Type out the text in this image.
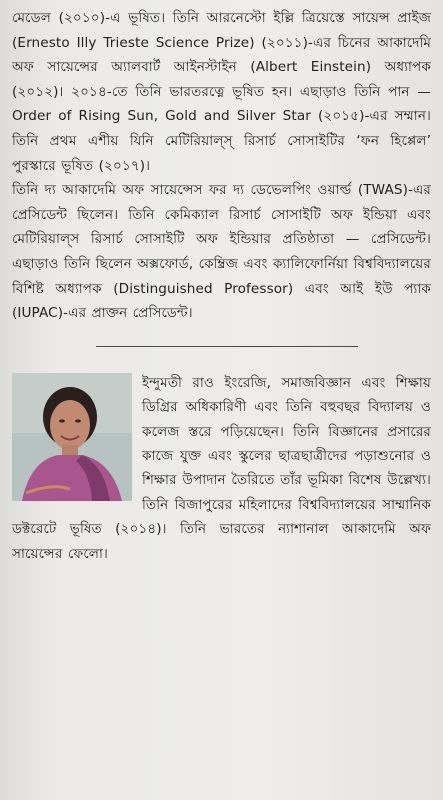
মেডেল (২০১০)-এ ভূষিত। তিনি আরনেস্টো ইল্লি ত্রিয়েস্তে সায়েন্স প্রাইজ (Ernesto Illy Trieste Science Prize) (২০১১)-এর চিনের আকাদেমি অফ সায়েন্সের অ্যালবার্ট আইনস্টাইন (Albert Einstein) অধ্যাপক (২০১২)। ২০১৪-তে তিনি ভারতরত্নে ভূষিত হন। এছাড়াও তিনি পান — Order of Rising Sun, Gold and Silver Star (২০১৫)-এর সম্মান। তিনি প্রথম এশীয় যিনি মেটিরিয়াল্স্ রিসার্চ সোসাইটির ‘ফন হিপ্পেল’ পুরস্কারে ভূষিত (২০১৭)।

তিনি দ্য আকাদেমি অফ সায়েন্সেস ফর দ্য ডেভেলপিং ওয়ার্ল্ড (TWAS)-এর প্রেসিডেন্ট ছিলেন। তিনি কেমিক্যাল রিসার্চ সোসাইটি অফ ইন্ডিয়া এবং মেটিরিয়াল্স রিসার্চ সোসাইটি অফ ইন্ডিয়ার প্রতিষ্ঠাতা — প্রেসিডেন্ট। এছাড়াও তিনি ছিলেন অক্সফোর্ড, কেম্ব্রিজ এবং ক্যালিফোর্নিয়া বিশ্ববিদ্যালয়ের বিশিষ্ট অধ্যাপক (Distinguished Professor) এবং আই ইউ প্যাক (IUPAC)-এর প্রাক্তন প্রেসিডেন্ট।

ইন্দুমতী রাও ইংরেজি, সমাজবিজ্ঞান এবং শিক্ষায় ডিগ্রির অধিকারিণী এবং তিনি বহুবছর বিদ্যালয় ও কলেজ স্তরে পড়িয়েছেন। তিনি বিজ্ঞানের প্রসারের কাজে যুক্ত এবং স্কুলের ছাত্রছাত্রীদের পড়াশুনোর ও শিক্ষার উপাদান তৈরিতে তাঁর ভূমিকা বিশেষ উল্লেখ্য। তিনি বিজাপুরের মহিলাদের বিশ্ববিদ্যালয়ের সাম্মানিক ডক্টরেটে ভূষিত (২০১৪)। তিনি ভারতের ন্যাশানাল আকাদেমি অফ সায়েন্সের ফেলো।
